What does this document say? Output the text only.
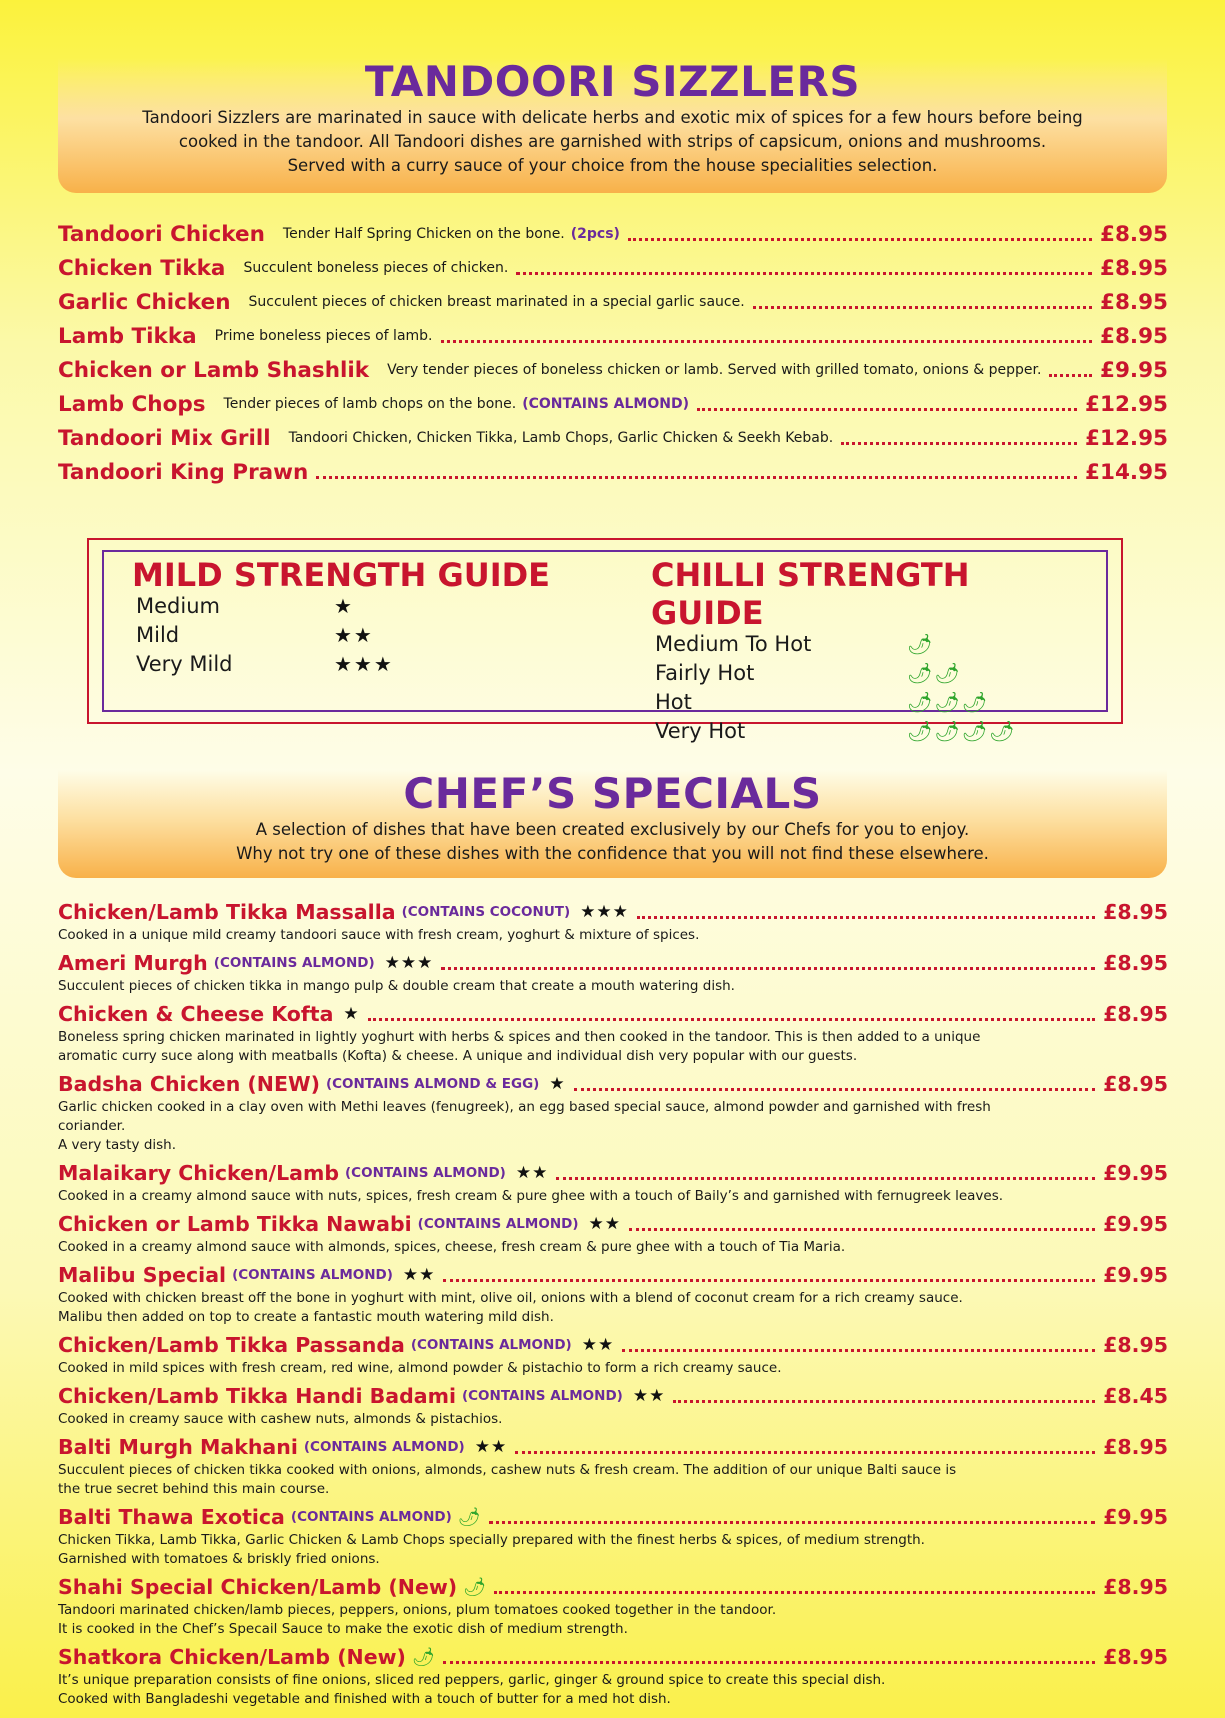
TANDOORI SIZZLERS

Tandoori Sizzlers are marinated in sauce with delicate herbs and exotic mix of spices for a few hours before being

cooked in the tandoor. All Tandoori dishes are garnished with strips of capsicum, onions and mushrooms.

Served with a curry sauce of your choice from the house specialities selection.

Tandoori Chicken Tender Half Spring Chicken on the bone. (2pcs)	£8.95
Chicken Tikka Succulent boneless pieces of chicken.	£8.95
Garlic Chicken Succulent pieces of chicken breast marinated in a special garlic sauce.	£8.95
Lamb Tikka Prime boneless pieces of lamb.	£8.95
Chicken or Lamb Shashlik Very tender pieces of boneless chicken or lamb. Served with grilled tomato, onions & pepper.	£9.95
Lamb Chops Tender pieces of lamb chops on the bone. (CONTAINS ALMOND)	£12.95
Tandoori Mix Grill Tandoori Chicken, Chicken Tikka, Lamb Chops, Garlic Chicken & Seekh Kebab.	£12.95
Tandoori King Prawn	£14.95
MILD STRENGTH GUIDE
Medium	★
Mild	★★
Very Mild	★★★
CHILLI STRENGTH GUIDE
Medium To Hot	🌶
Fairly Hot	🌶🌶
Hot	🌶🌶🌶
Very Hot	🌶🌶🌶🌶
CHEF’S SPECIALS

A selection of dishes that have been created exclusively by our Chefs for you to enjoy.

Why not try one of these dishes with the confidence that you will not find these elsewhere.

Chicken/Lamb Tikka Massalla (CONTAINS COCONUT) ★★★	£8.95
Cooked in a unique mild creamy tandoori sauce with fresh cream, yoghurt & mixture of spices.
Ameri Murgh (CONTAINS ALMOND) ★★★	£8.95
Succulent pieces of chicken tikka in mango pulp & double cream that create a mouth watering dish.
Chicken & Cheese Kofta ★	£8.95
Boneless spring chicken marinated in lightly yoghurt with herbs & spices and then cooked in the tandoor. This is then added to a unique
aromatic curry suce along with meatballs (Kofta) & cheese. A unique and individual dish very popular with our guests.
Badsha Chicken (NEW) (CONTAINS ALMOND & EGG) ★	£8.95
Garlic chicken cooked in a clay oven with Methi leaves (fenugreek), an egg based special sauce, almond powder and garnished with fresh coriander.
A very tasty dish.
Malaikary Chicken/Lamb (CONTAINS ALMOND) ★★	£9.95
Cooked in a creamy almond sauce with nuts, spices, fresh cream & pure ghee with a touch of Baily’s and garnished with fernugreek leaves.
Chicken or Lamb Tikka Nawabi (CONTAINS ALMOND) ★★	£9.95
Cooked in a creamy almond sauce with almonds, spices, cheese, fresh cream & pure ghee with a touch of Tia Maria.
Malibu Special (CONTAINS ALMOND) ★★	£9.95
Cooked with chicken breast off the bone in yoghurt with mint, olive oil, onions with a blend of coconut cream for a rich creamy sauce.
Malibu then added on top to create a fantastic mouth watering mild dish.
Chicken/Lamb Tikka Passanda (CONTAINS ALMOND) ★★	£8.95
Cooked in mild spices with fresh cream, red wine, almond powder & pistachio to form a rich creamy sauce.
Chicken/Lamb Tikka Handi Badami (CONTAINS ALMOND) ★★	£8.45
Cooked in creamy sauce with cashew nuts, almonds & pistachios.
Balti Murgh Makhani (CONTAINS ALMOND) ★★	£8.95
Succulent pieces of chicken tikka cooked with onions, almonds, cashew nuts & fresh cream. The addition of our unique Balti sauce is
the true secret behind this main course.
Balti Thawa Exotica (CONTAINS ALMOND) 🌶	£9.95
Chicken Tikka, Lamb Tikka, Garlic Chicken & Lamb Chops specially prepared with the finest herbs & spices, of medium strength.
Garnished with tomatoes & briskly fried onions.
Shahi Special Chicken/Lamb (New) 🌶	£8.95
Tandoori marinated chicken/lamb pieces, peppers, onions, plum tomatoes cooked together in the tandoor.
It is cooked in the Chef’s Specail Sauce to make the exotic dish of medium strength.
Shatkora Chicken/Lamb (New) 🌶	£8.95
It’s unique preparation consists of fine onions, sliced red peppers, garlic, ginger & ground spice to create this special dish.
Cooked with Bangladeshi vegetable and finished with a touch of butter for a med hot dish.
